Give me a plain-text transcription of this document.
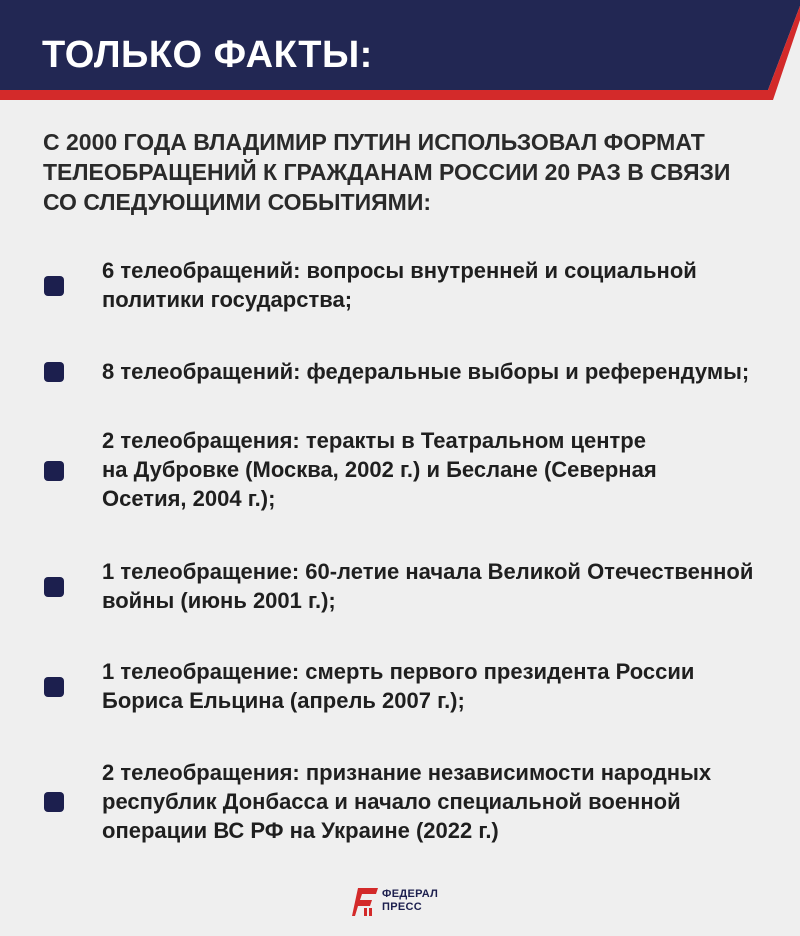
ТОЛЬКО ФАКТЫ:
С 2000 ГОДА ВЛАДИМИР ПУТИН ИСПОЛЬЗОВАЛ ФОРМАТ
ТЕЛЕОБРАЩЕНИЙ К ГРАЖДАНАМ РОССИИ 20 РАЗ В СВЯЗИ
СО СЛЕДУЮЩИМИ СОБЫТИЯМИ:
6 телеобращений: вопросы внутренней и социальной
политики государства;
8 телеобращений: федеральные выборы и референдумы;
2 телеобращения: теракты в Театральном центре
на Дубровке (Москва, 2002 г.) и Беслане (Северная
Осетия, 2004 г.);
1 телеобращение: 60-летие начала Великой Отечественной
войны (июнь 2001 г.);
1 телеобращение: смерть первого президента России
Бориса Ельцина (апрель 2007 г.);
2 телеобращения: признание независимости народных
республик Донбасса и начало специальной военной
операции ВС РФ на Украине (2022 г.)
ФЕДЕРАЛ
ПРЕСС
